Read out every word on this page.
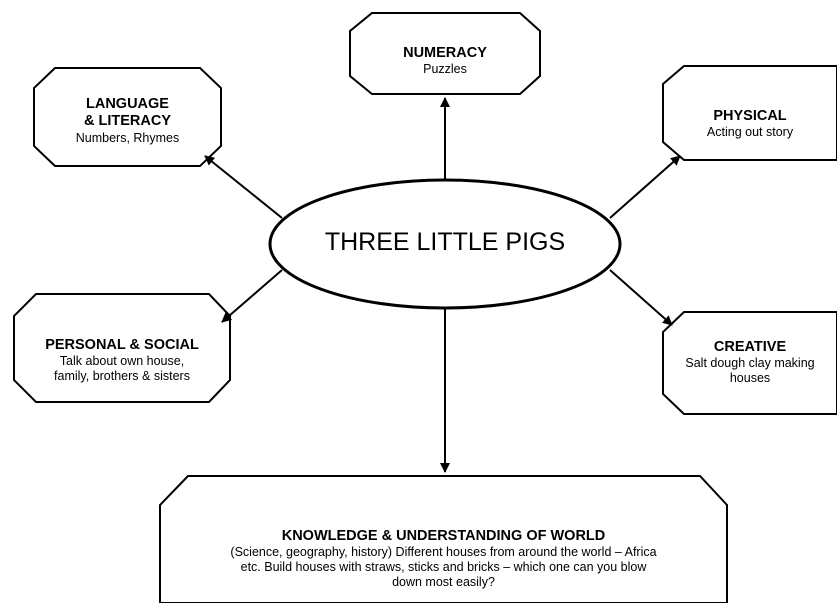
THREE LITTLE PIGS
NUMERACY
Puzzles
LANGUAGE
& LITERACY
Numbers, Rhymes
PHYSICAL
Acting out story
PERSONAL & SOCIAL
Talk about own house,
family, brothers & sisters
CREATIVE
Salt dough clay making
houses
KNOWLEDGE & UNDERSTANDING OF WORLD
(Science, geography, history) Different houses from around the world – Africa
etc. Build houses with straws, sticks and bricks – which one can you blow
down most easily?
